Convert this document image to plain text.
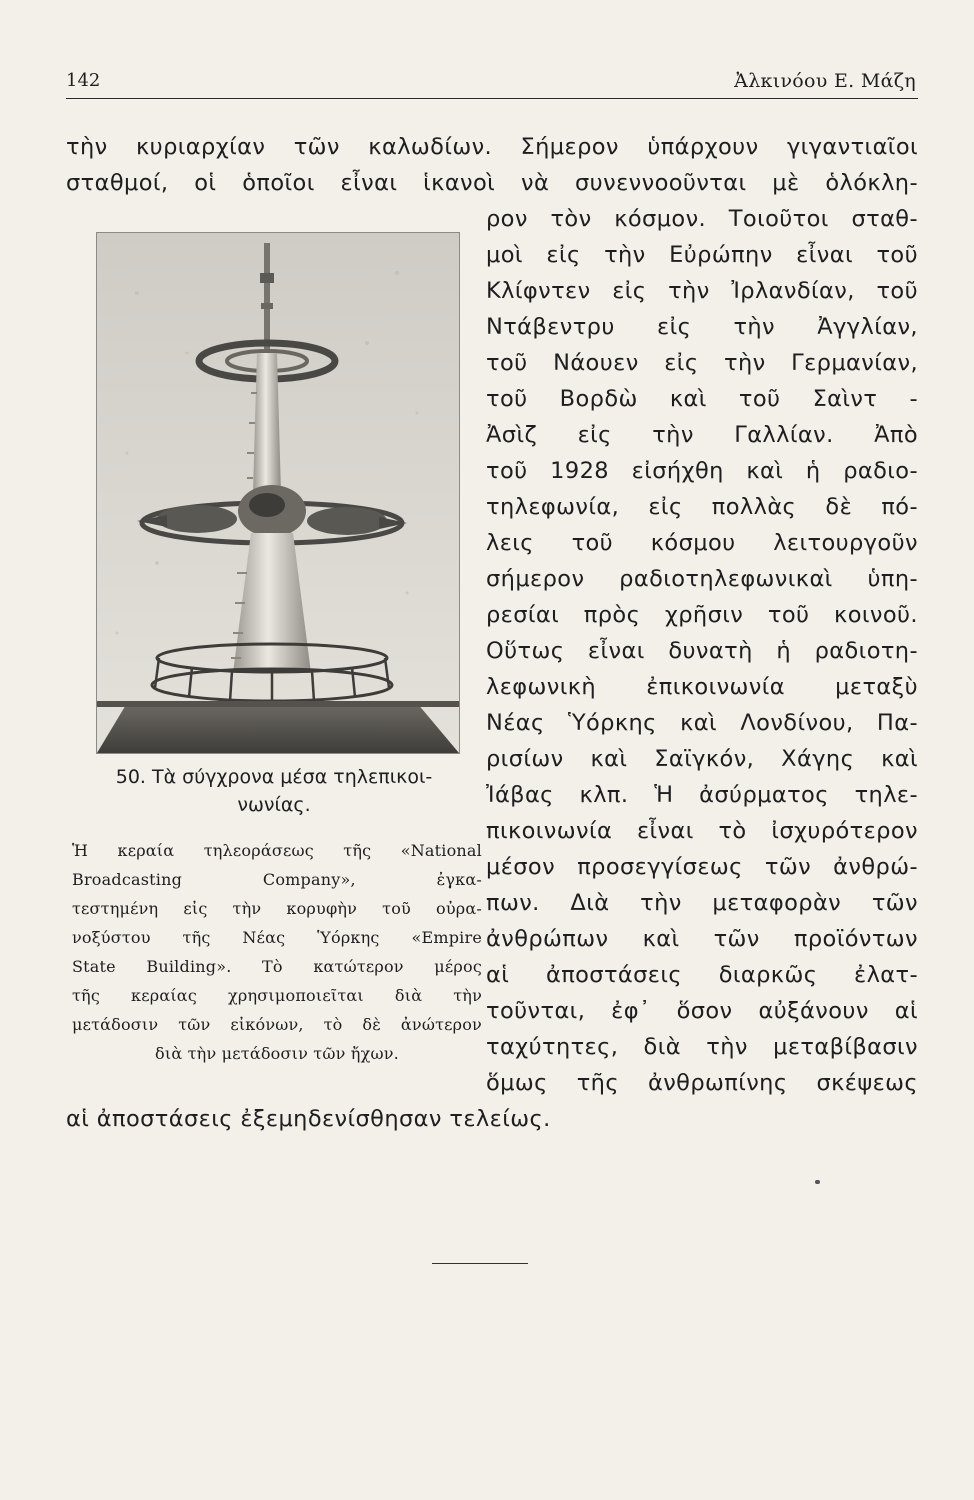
142	Ἀλκινόου Ε. Μάζη
τὴν κυριαρχίαν τῶν καλωδίων. Σήμερον ὑπάρχουν γιγαντιαῖοι
σταθμοί, οἱ ὁποῖοι εἶναι ἱκανοὶ νὰ συνεννοοῦνται μὲ ὁλόκλη-
ρον τὸν κόσμον. Τοιοῦτοι σταθ-
μοὶ εἰς τὴν Εὐρώπην εἶναι τοῦ
Κλίφντεν εἰς τὴν Ἰρλανδίαν, τοῦ
Ντάβεντρυ εἰς τὴν Ἀγγλίαν,
τοῦ Νάουεν εἰς τὴν Γερμανίαν,
τοῦ Βορδὼ καὶ τοῦ Σαὶντ -
Ἀσὶζ εἰς τὴν Γαλλίαν. Ἀπὸ
τοῦ 1928 εἰσήχθη καὶ ἡ ραδιο-
τηλεφωνία, εἰς πολλὰς δὲ πό-
λεις τοῦ κόσμου λειτουργοῦν
σήμερον ραδιοτηλεφωνικαὶ ὑπη-
ρεσίαι πρὸς χρῆσιν τοῦ κοινοῦ.
Οὕτως εἶναι δυνατὴ ἡ ραδιοτη-
λεφωνικὴ ἐπικοινωνία μεταξὺ
Νέας Ὑόρκης καὶ Λονδίνου, Πα-
ρισίων καὶ Σαϊγκόν, Χάγης καὶ
Ἰάβας κλπ. Ἡ ἀσύρματος τηλε-
πικοινωνία εἶναι τὸ ἰσχυρότερον
μέσον προσεγγίσεως τῶν ἀνθρώ-
πων. Διὰ τὴν μεταφορὰν τῶν
ἀνθρώπων καὶ τῶν προϊόντων
αἱ ἀποστάσεις διαρκῶς ἐλατ-
τοῦνται, ἐφ᾽ ὅσον αὐξάνουν αἱ
ταχύτητες, διὰ τὴν μεταβίβασιν
ὅμως τῆς ἀνθρωπίνης σκέψεως
αἱ ἀποστάσεις ἐξεμηδενίσθησαν τελείως.
50. Τὰ σύγχρονα μέσα τηλεπικοι-
νωνίας.
Ἡ κεραία τηλεοράσεως τῆς «National
Broadcasting Company», ἐγκα-
τεστημένη εἰς τὴν κορυφὴν τοῦ οὐρα-
νοξύστου τῆς Νέας Ὑόρκης «Empire
State Building». Τὸ κατώτερον μέρος
τῆς κεραίας χρησιμοποιεῖται διὰ τὴν
μετάδοσιν τῶν εἰκόνων, τὸ δὲ ἀνώτερον
διὰ τὴν μετάδοσιν τῶν ἤχων.
